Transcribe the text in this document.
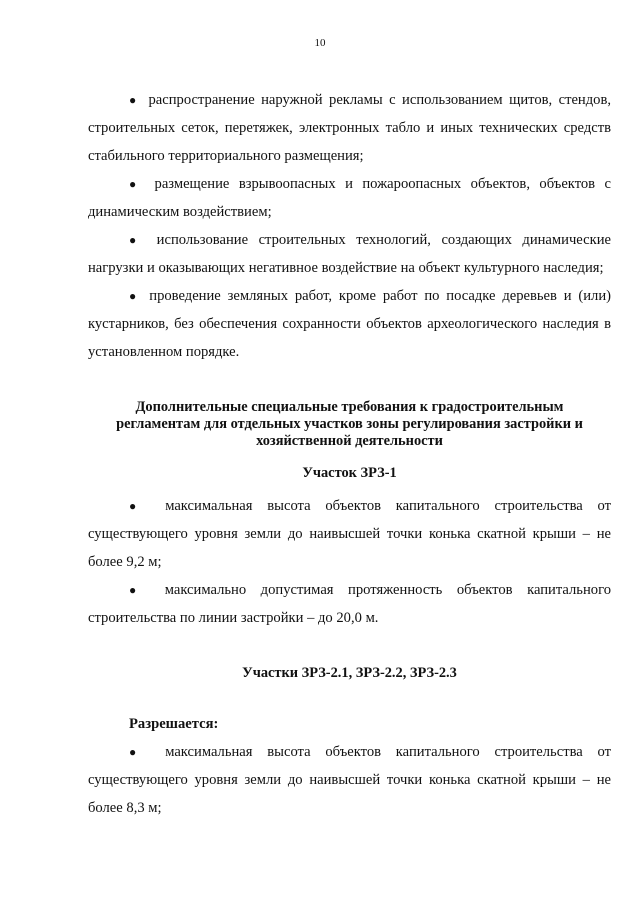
10

● распространение наружной рекламы с использованием щитов, стендов, строительных сеток, перетяжек, электронных табло и иных технических средств стабильного территориального размещения;

● размещение взрывоопасных и пожароопасных объектов, объектов с динамическим воздействием;

● использование строительных технологий, создающих динамические нагрузки и оказывающих негативное воздействие на объект культурного наследия;

● проведение земляных работ, кроме работ по посадке деревьев и (или) кустарников, без обеспечения сохранности объектов археологического наследия в установленном порядке.

Дополнительные специальные требования к градостроительным
регламентам для отдельных участков зоны регулирования застройки и
хозяйственной деятельности
Участок ЗРЗ-1

● максимальная высота объектов капитального строительства от существующего уровня земли до наивысшей точки конька скатной крыши – не более 9,2 м;

● максимально допустимая протяженность объектов капитального строительства по линии застройки – до 20,0 м.

Участки ЗРЗ-2.1, ЗРЗ-2.2, ЗРЗ-2.3

Разрешается:

● максимальная высота объектов капитального строительства от существующего уровня земли до наивысшей точки конька скатной крыши – не более 8,3 м;
